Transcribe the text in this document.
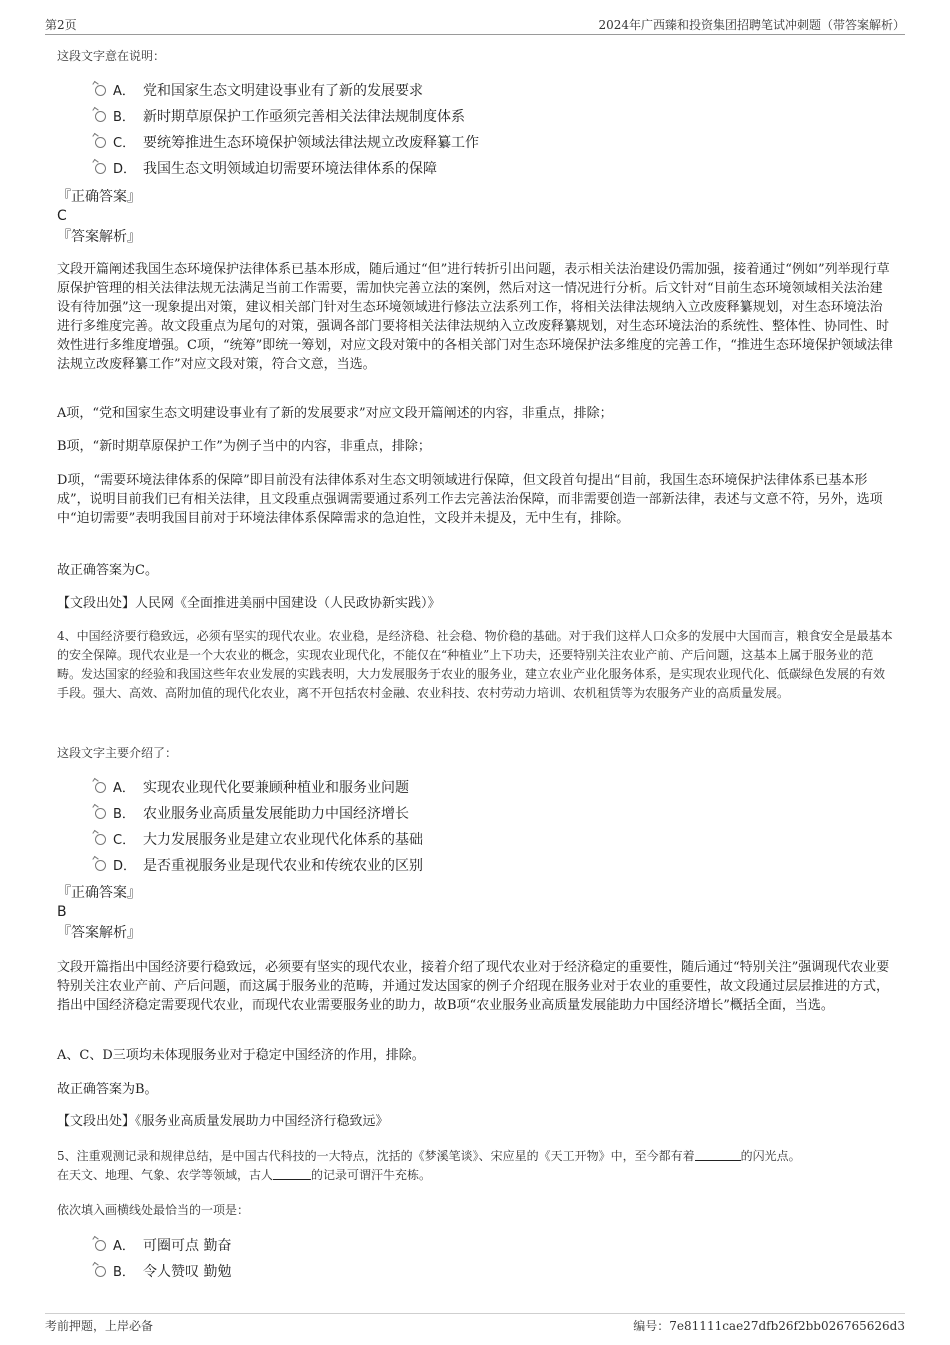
第2页	2024年广西臻和投资集团招聘笔试冲刺题（带答案解析）

这段文字意在说明：

A． 党和国家生态文明建设事业有了新的发展要求
B． 新时期草原保护工作亟须完善相关法律法规制度体系
C． 要统筹推进生态环境保护领域法律法规立改废释纂工作
D． 我国生态文明领域迫切需要环境法律体系的保障

『正确答案』

C

『答案解析』

文段开篇阐述我国生态环境保护法律体系已基本形成，随后通过“但”进行转折引出问题，表示相关法治建设仍需加强，接着通过“例如”列举现行草原保护管理的相关法律法规无法满足当前工作需要，需加快完善立法的案例，然后对这一情况进行分析。后文针对“目前生态环境领域相关法治建设有待加强”这一现象提出对策，建议相关部门针对生态环境领域进行修法立法系列工作，将相关法律法规纳入立改废释纂规划，对生态环境法治进行多维度完善。故文段重点为尾句的对策，强调各部门要将相关法律法规纳入立改废释纂规划，对生态环境法治的系统性、整体性、协同性、时效性进行多维度增强。C项，“统筹”即统一筹划，对应文段对策中的各相关部门对生态环境保护法多维度的完善工作，“推进生态环境保护领域法律法规立改废释纂工作”对应文段对策，符合文意，当选。

A项，“党和国家生态文明建设事业有了新的发展要求”对应文段开篇阐述的内容，非重点，排除；

B项，“新时期草原保护工作”为例子当中的内容，非重点，排除；

D项，“需要环境法律体系的保障”即目前没有法律体系对生态文明领域进行保障，但文段首句提出“目前，我国生态环境保护法律体系已基本形成”，说明目前我们已有相关法律，且文段重点强调需要通过系列工作去完善法治保障，而非需要创造一部新法律，表述与文意不符，另外，选项中“迫切需要”表明我国目前对于环境法律体系保障需求的急迫性，文段并未提及，无中生有，排除。

故正确答案为C。

【文段出处】人民网《全面推进美丽中国建设（人民政协新实践）》

4、中国经济要行稳致远，必须有坚实的现代农业。农业稳，是经济稳、社会稳、物价稳的基础。对于我们这样人口众多的发展中大国而言，粮食安全是最基本的安全保障。现代农业是一个大农业的概念，实现农业现代化，不能仅在“种植业”上下功夫，还要特别关注农业产前、产后问题，这基本上属于服务业的范畴。发达国家的经验和我国这些年农业发展的实践表明，大力发展服务于农业的服务业，建立农业产业化服务体系，是实现农业现代化、低碳绿色发展的有效手段。强大、高效、高附加值的现代化农业，离不开包括农村金融、农业科技、农村劳动力培训、农机租赁等为农服务产业的高质量发展。

这段文字主要介绍了：

A． 实现农业现代化要兼顾种植业和服务业问题
B． 农业服务业高质量发展能助力中国经济增长
C． 大力发展服务业是建立农业现代化体系的基础
D． 是否重视服务业是现代农业和传统农业的区别

『正确答案』

B

『答案解析』

文段开篇指出中国经济要行稳致远，必须要有坚实的现代农业，接着介绍了现代农业对于经济稳定的重要性，随后通过“特别关注”强调现代农业要特别关注农业产前、产后问题，而这属于服务业的范畴，并通过发达国家的例子介绍现在服务业对于农业的重要性，故文段通过层层推进的方式，指出中国经济稳定需要现代农业，而现代农业需要服务业的助力，故B项“农业服务业高质量发展能助力中国经济增长”概括全面，当选。

A、C、D三项均未体现服务业对于稳定中国经济的作用，排除。

故正确答案为B。

【文段出处】《服务业高质量发展助力中国经济行稳致远》

5、注重观测记录和规律总结，是中国古代科技的一大特点，沈括的《梦溪笔谈》、宋应星的《天工开物》中，至今都有着	的闪光点。
在天文、地理、气象、农学等领域，古人	的记录可谓汗牛充栋。

依次填入画横线处最恰当的一项是：

A． 可圈可点 勤奋
B． 令人赞叹 勤勉
考前押题，上岸必备	编号：7e81111cae27dfb26f2bb026765626d3
